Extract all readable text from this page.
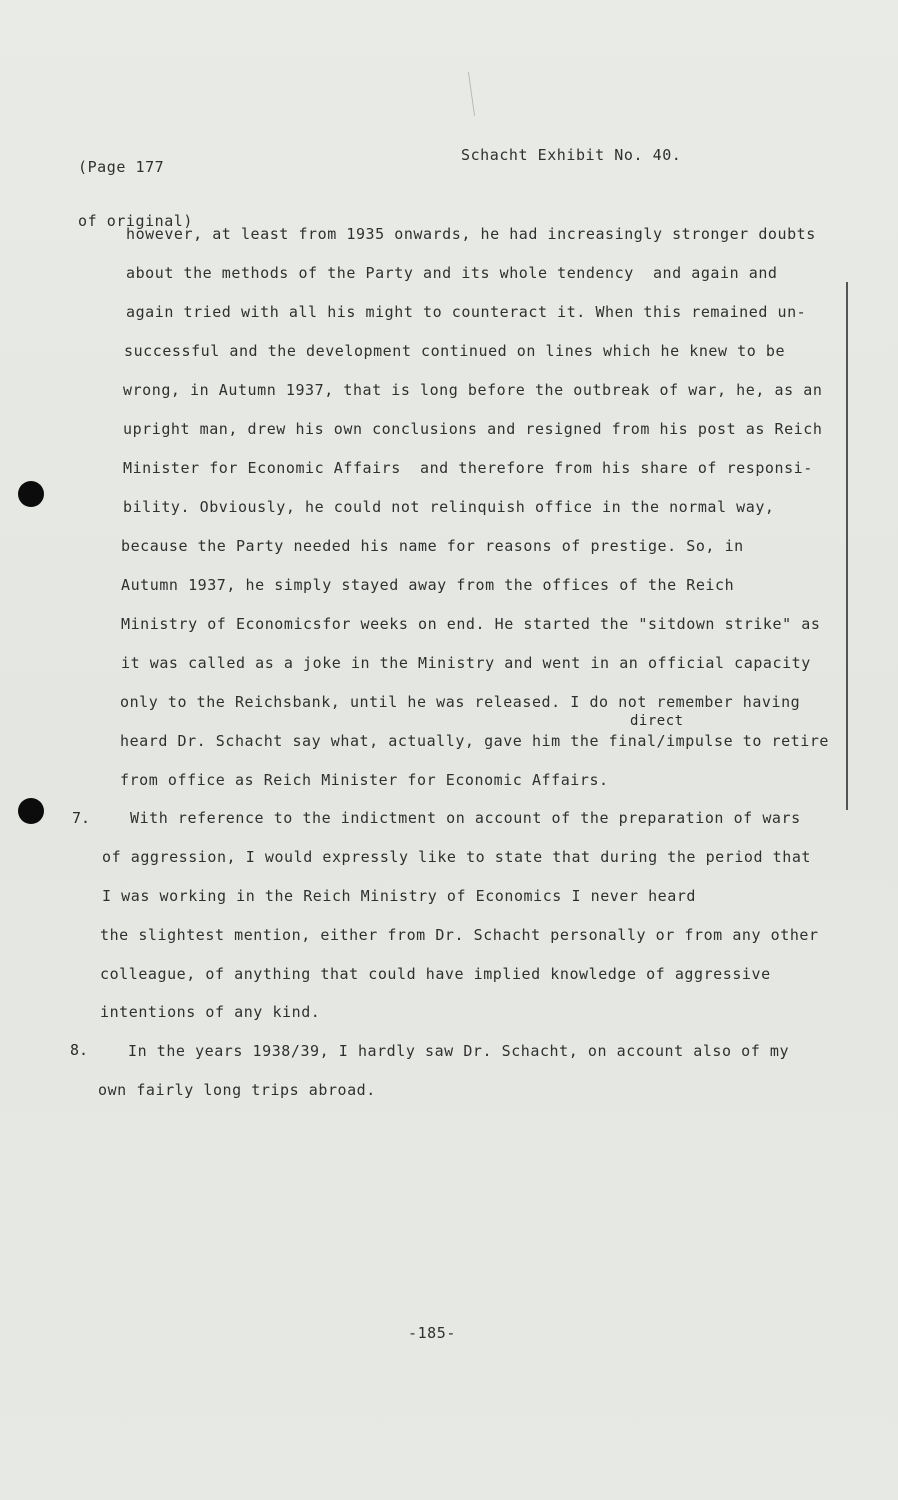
(Page 177

of original)

Schacht Exhibit No. 40.
however, at least from 1935 onwards, he had increasingly stronger doubts
about the methods of the Party and its whole tendency  and again and
again tried with all his might to counteract it. When this remained un-
successful and the development continued on lines which he knew to be
wrong, in Autumn 1937, that is long before the outbreak of war, he, as an
upright man, drew his own conclusions and resigned from his post as Reich
Minister for Economic Affairs  and therefore from his share of responsi-
bility. Obviously, he could not relinquish office in the normal way,
because the Party needed his name for reasons of prestige. So, in
Autumn 1937, he simply stayed away from the offices of the Reich
Ministry of Economicsfor weeks on end. He started the "sitdown strike" as
it was called as a joke in the Ministry and went in an official capacity
only to the Reichsbank, until he was released. I do not remember having
direct
heard Dr. Schacht say what, actually, gave him the final/impulse to retire
from office as Reich Minister for Economic Affairs.
7.	With reference to the indictment on account of the preparation of wars
of aggression, I would expressly like to state that during the period that
I was working in the Reich Ministry of Economics I never heard
the slightest mention, either from Dr. Schacht personally or from any other
colleague, of anything that could have implied knowledge of aggressive
intentions of any kind.
8.	In the years 1938/39, I hardly saw Dr. Schacht, on account also of my
own fairly long trips abroad.
-185-
